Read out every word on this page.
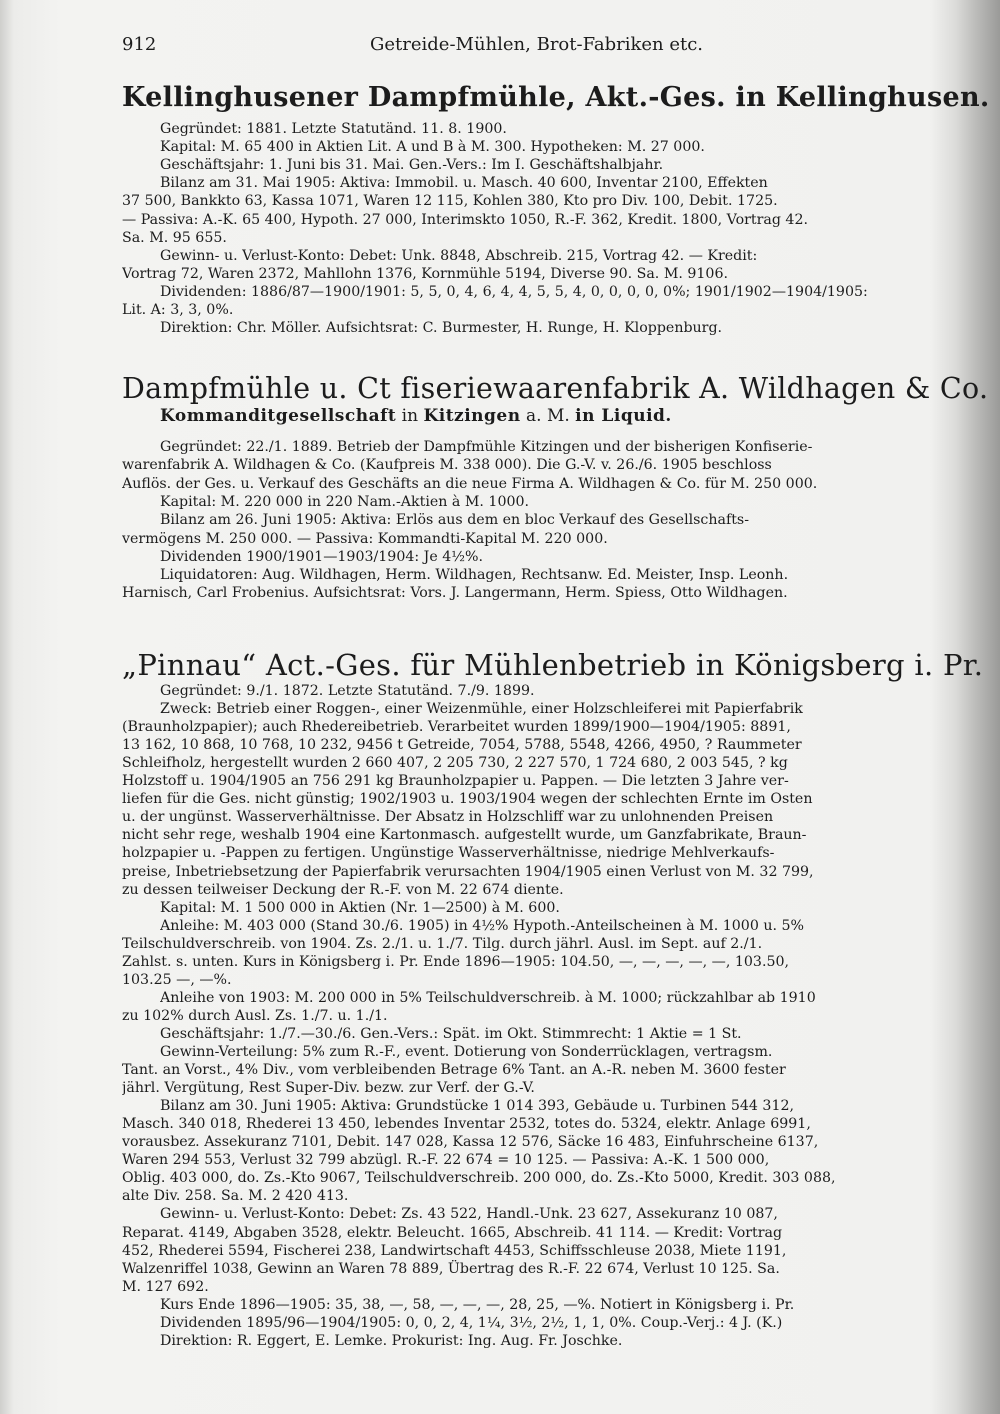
912	Getreide-Mühlen, Brot-Fabriken etc.
Kellinghusener Dampfmühle, Akt.-Ges. in Kellinghusen.
Gegründet: 1881. Letzte Statutänd. 11. 8. 1900.
Kapital: M. 65 400 in Aktien Lit. A und B à M. 300. Hypotheken: M. 27 000.
Geschäftsjahr: 1. Juni bis 31. Mai. Gen.-Vers.: Im I. Geschäftshalbjahr.
Bilanz am 31. Mai 1905: Aktiva: Immobil. u. Masch. 40 600, Inventar 2100, Effekten
37 500, Bankkto 63, Kassa 1071, Waren 12 115, Kohlen 380, Kto pro Div. 100, Debit. 1725.
— Passiva: A.-K. 65 400, Hypoth. 27 000, Interimskto 1050, R.-F. 362, Kredit. 1800, Vortrag 42.
Sa. M. 95 655.
Gewinn- u. Verlust-Konto: Debet: Unk. 8848, Abschreib. 215, Vortrag 42. — Kredit:
Vortrag 72, Waren 2372, Mahllohn 1376, Kornmühle 5194, Diverse 90. Sa. M. 9106.
Dividenden: 1886/87—1900/1901: 5, 5, 0, 4, 6, 4, 4, 5, 5, 4, 0, 0, 0, 0, 0%; 1901/1902—1904/1905:
Lit. A: 3, 3, 0%.
Direktion: Chr. Möller. Aufsichtsrat: C. Burmester, H. Runge, H. Kloppenburg.
Dampfmühle u. Ct fiseriewaarenfabrik A. Wildhagen & Co.
Kommanditgesellschaft in Kitzingen a. M. in Liquid.
Gegründet: 22./1. 1889. Betrieb der Dampfmühle Kitzingen und der bisherigen Konfiserie-
warenfabrik A. Wildhagen & Co. (Kaufpreis M. 338 000). Die G.-V. v. 26./6. 1905 beschloss
Auflös. der Ges. u. Verkauf des Geschäfts an die neue Firma A. Wildhagen & Co. für M. 250 000.
Kapital: M. 220 000 in 220 Nam.-Aktien à M. 1000.
Bilanz am 26. Juni 1905: Aktiva: Erlös aus dem en bloc Verkauf des Gesellschafts-
vermögens M. 250 000. — Passiva: Kommandti-Kapital M. 220 000.
Dividenden 1900/1901—1903/1904: Je 4½%.
Liquidatoren: Aug. Wildhagen, Herm. Wildhagen, Rechtsanw. Ed. Meister, Insp. Leonh.
Harnisch, Carl Frobenius. Aufsichtsrat: Vors. J. Langermann, Herm. Spiess, Otto Wildhagen.
„Pinnau“ Act.-Ges. für Mühlenbetrieb in Königsberg i. Pr.
Gegründet: 9./1. 1872. Letzte Statutänd. 7./9. 1899.
Zweck: Betrieb einer Roggen-, einer Weizenmühle, einer Holzschleiferei mit Papierfabrik
(Braunholzpapier); auch Rhedereibetrieb. Verarbeitet wurden 1899/1900—1904/1905: 8891,
13 162, 10 868, 10 768, 10 232, 9456 t Getreide, 7054, 5788, 5548, 4266, 4950, ? Raummeter
Schleifholz, hergestellt wurden 2 660 407, 2 205 730, 2 227 570, 1 724 680, 2 003 545, ? kg
Holzstoff u. 1904/1905 an 756 291 kg Braunholzpapier u. Pappen. — Die letzten 3 Jahre ver-
liefen für die Ges. nicht günstig; 1902/1903 u. 1903/1904 wegen der schlechten Ernte im Osten
u. der ungünst. Wasserverhältnisse. Der Absatz in Holzschliff war zu unlohnenden Preisen
nicht sehr rege, weshalb 1904 eine Kartonmasch. aufgestellt wurde, um Ganzfabrikate, Braun-
holzpapier u. -Pappen zu fertigen. Ungünstige Wasserverhältnisse, niedrige Mehlverkaufs-
preise, Inbetriebsetzung der Papierfabrik verursachten 1904/1905 einen Verlust von M. 32 799,
zu dessen teilweiser Deckung der R.-F. von M. 22 674 diente.
Kapital: M. 1 500 000 in Aktien (Nr. 1—2500) à M. 600.
Anleihe: M. 403 000 (Stand 30./6. 1905) in 4½% Hypoth.-Anteilscheinen à M. 1000 u. 5%
Teilschuldverschreib. von 1904. Zs. 2./1. u. 1./7. Tilg. durch jährl. Ausl. im Sept. auf 2./1.
Zahlst. s. unten. Kurs in Königsberg i. Pr. Ende 1896—1905: 104.50, —, —, —, —, —, 103.50,
103.25 —, —%.
Anleihe von 1903: M. 200 000 in 5% Teilschuldverschreib. à M. 1000; rückzahlbar ab 1910
zu 102% durch Ausl. Zs. 1./7. u. 1./1.
Geschäftsjahr: 1./7.—30./6. Gen.-Vers.: Spät. im Okt. Stimmrecht: 1 Aktie = 1 St.
Gewinn-Verteilung: 5% zum R.-F., event. Dotierung von Sonderrücklagen, vertragsm.
Tant. an Vorst., 4% Div., vom verbleibenden Betrage 6% Tant. an A.-R. neben M. 3600 fester
jährl. Vergütung, Rest Super-Div. bezw. zur Verf. der G.-V.
Bilanz am 30. Juni 1905: Aktiva: Grundstücke 1 014 393, Gebäude u. Turbinen 544 312,
Masch. 340 018, Rhederei 13 450, lebendes Inventar 2532, totes do. 5324, elektr. Anlage 6991,
vorausbez. Assekuranz 7101, Debit. 147 028, Kassa 12 576, Säcke 16 483, Einfuhrscheine 6137,
Waren 294 553, Verlust 32 799 abzügl. R.-F. 22 674 = 10 125. — Passiva: A.-K. 1 500 000,
Oblig. 403 000, do. Zs.-Kto 9067, Teilschuldverschreib. 200 000, do. Zs.-Kto 5000, Kredit. 303 088,
alte Div. 258. Sa. M. 2 420 413.
Gewinn- u. Verlust-Konto: Debet: Zs. 43 522, Handl.-Unk. 23 627, Assekuranz 10 087,
Reparat. 4149, Abgaben 3528, elektr. Beleucht. 1665, Abschreib. 41 114. — Kredit: Vortrag
452, Rhederei 5594, Fischerei 238, Landwirtschaft 4453, Schiffsschleuse 2038, Miete 1191,
Walzenriffel 1038, Gewinn an Waren 78 889, Übertrag des R.-F. 22 674, Verlust 10 125. Sa.
M. 127 692.
Kurs Ende 1896—1905: 35, 38, —, 58, —, —, —, 28, 25, —%. Notiert in Königsberg i. Pr.
Dividenden 1895/96—1904/1905: 0, 0, 2, 4, 1¼, 3½, 2½, 1, 1, 0%. Coup.-Verj.: 4 J. (K.)
Direktion: R. Eggert, E. Lemke. Prokurist: Ing. Aug. Fr. Joschke.
